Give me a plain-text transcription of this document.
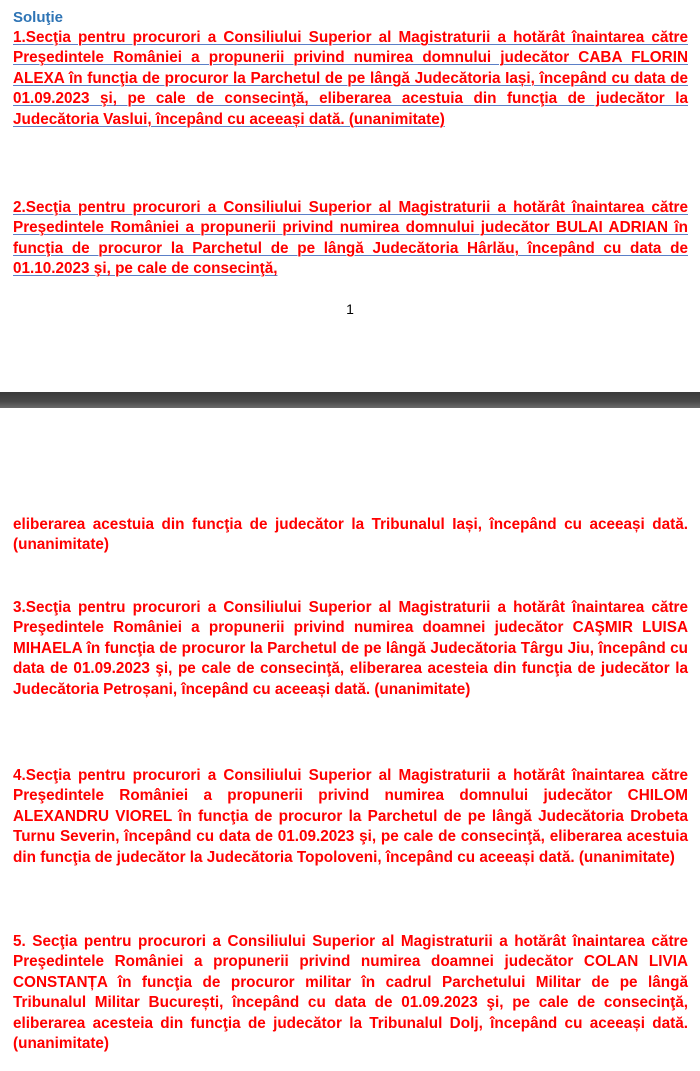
Soluţie

1.Secţia pentru procurori a Consiliului Superior al Magistraturii a hotărât înaintarea către Preşedintele României a propunerii privind numirea domnului judecător CABA FLORIN ALEXA în funcţia de procuror la Parchetul de pe lângă Judecătoria Iași, începând cu data de 01.09.2023 şi, pe cale de consecinţă, eliberarea acestuia din funcţia de judecător la Judecătoria Vaslui, începând cu aceeași dată. (unanimitate)

2.Secţia pentru procurori a Consiliului Superior al Magistraturii a hotărât înaintarea către Preşedintele României a propunerii privind numirea domnului judecător BULAI ADRIAN în funcţia de procuror la Parchetul de pe lângă Judecătoria Hârlău, începând cu data de 01.10.2023 şi, pe cale de consecinţă,

1

eliberarea acestuia din funcţia de judecător la Tribunalul Iași, începând cu aceeași dată. (unanimitate)

3.Secţia pentru procurori a Consiliului Superior al Magistraturii a hotărât înaintarea către Preşedintele României a propunerii privind numirea doamnei judecător CAŞMIR LUISA MIHAELA în funcţia de procuror la Parchetul de pe lângă Judecătoria Târgu Jiu, începând cu data de 01.09.2023 şi, pe cale de consecinţă, eliberarea acesteia din funcţia de judecător la Judecătoria Petroșani, începând cu aceeași dată. (unanimitate)

4.Secţia pentru procurori a Consiliului Superior al Magistraturii a hotărât înaintarea către Preşedintele României a propunerii privind numirea domnului judecător CHILOM ALEXANDRU VIOREL în funcţia de procuror la Parchetul de pe lângă Judecătoria Drobeta Turnu Severin, începând cu data de 01.09.2023 şi, pe cale de consecinţă, eliberarea acestuia din funcţia de judecător la Judecătoria Topoloveni, începând cu aceeași dată. (unanimitate)

5. Secţia pentru procurori a Consiliului Superior al Magistraturii a hotărât înaintarea către Preşedintele României a propunerii privind numirea doamnei judecător COLAN LIVIA CONSTANȚA în funcţia de procuror militar în cadrul Parchetului Militar de pe lângă Tribunalul Militar București, începând cu data de 01.09.2023 şi, pe cale de consecinţă, eliberarea acesteia din funcţia de judecător la Tribunalul Dolj, începând cu aceeași dată. (unanimitate)
